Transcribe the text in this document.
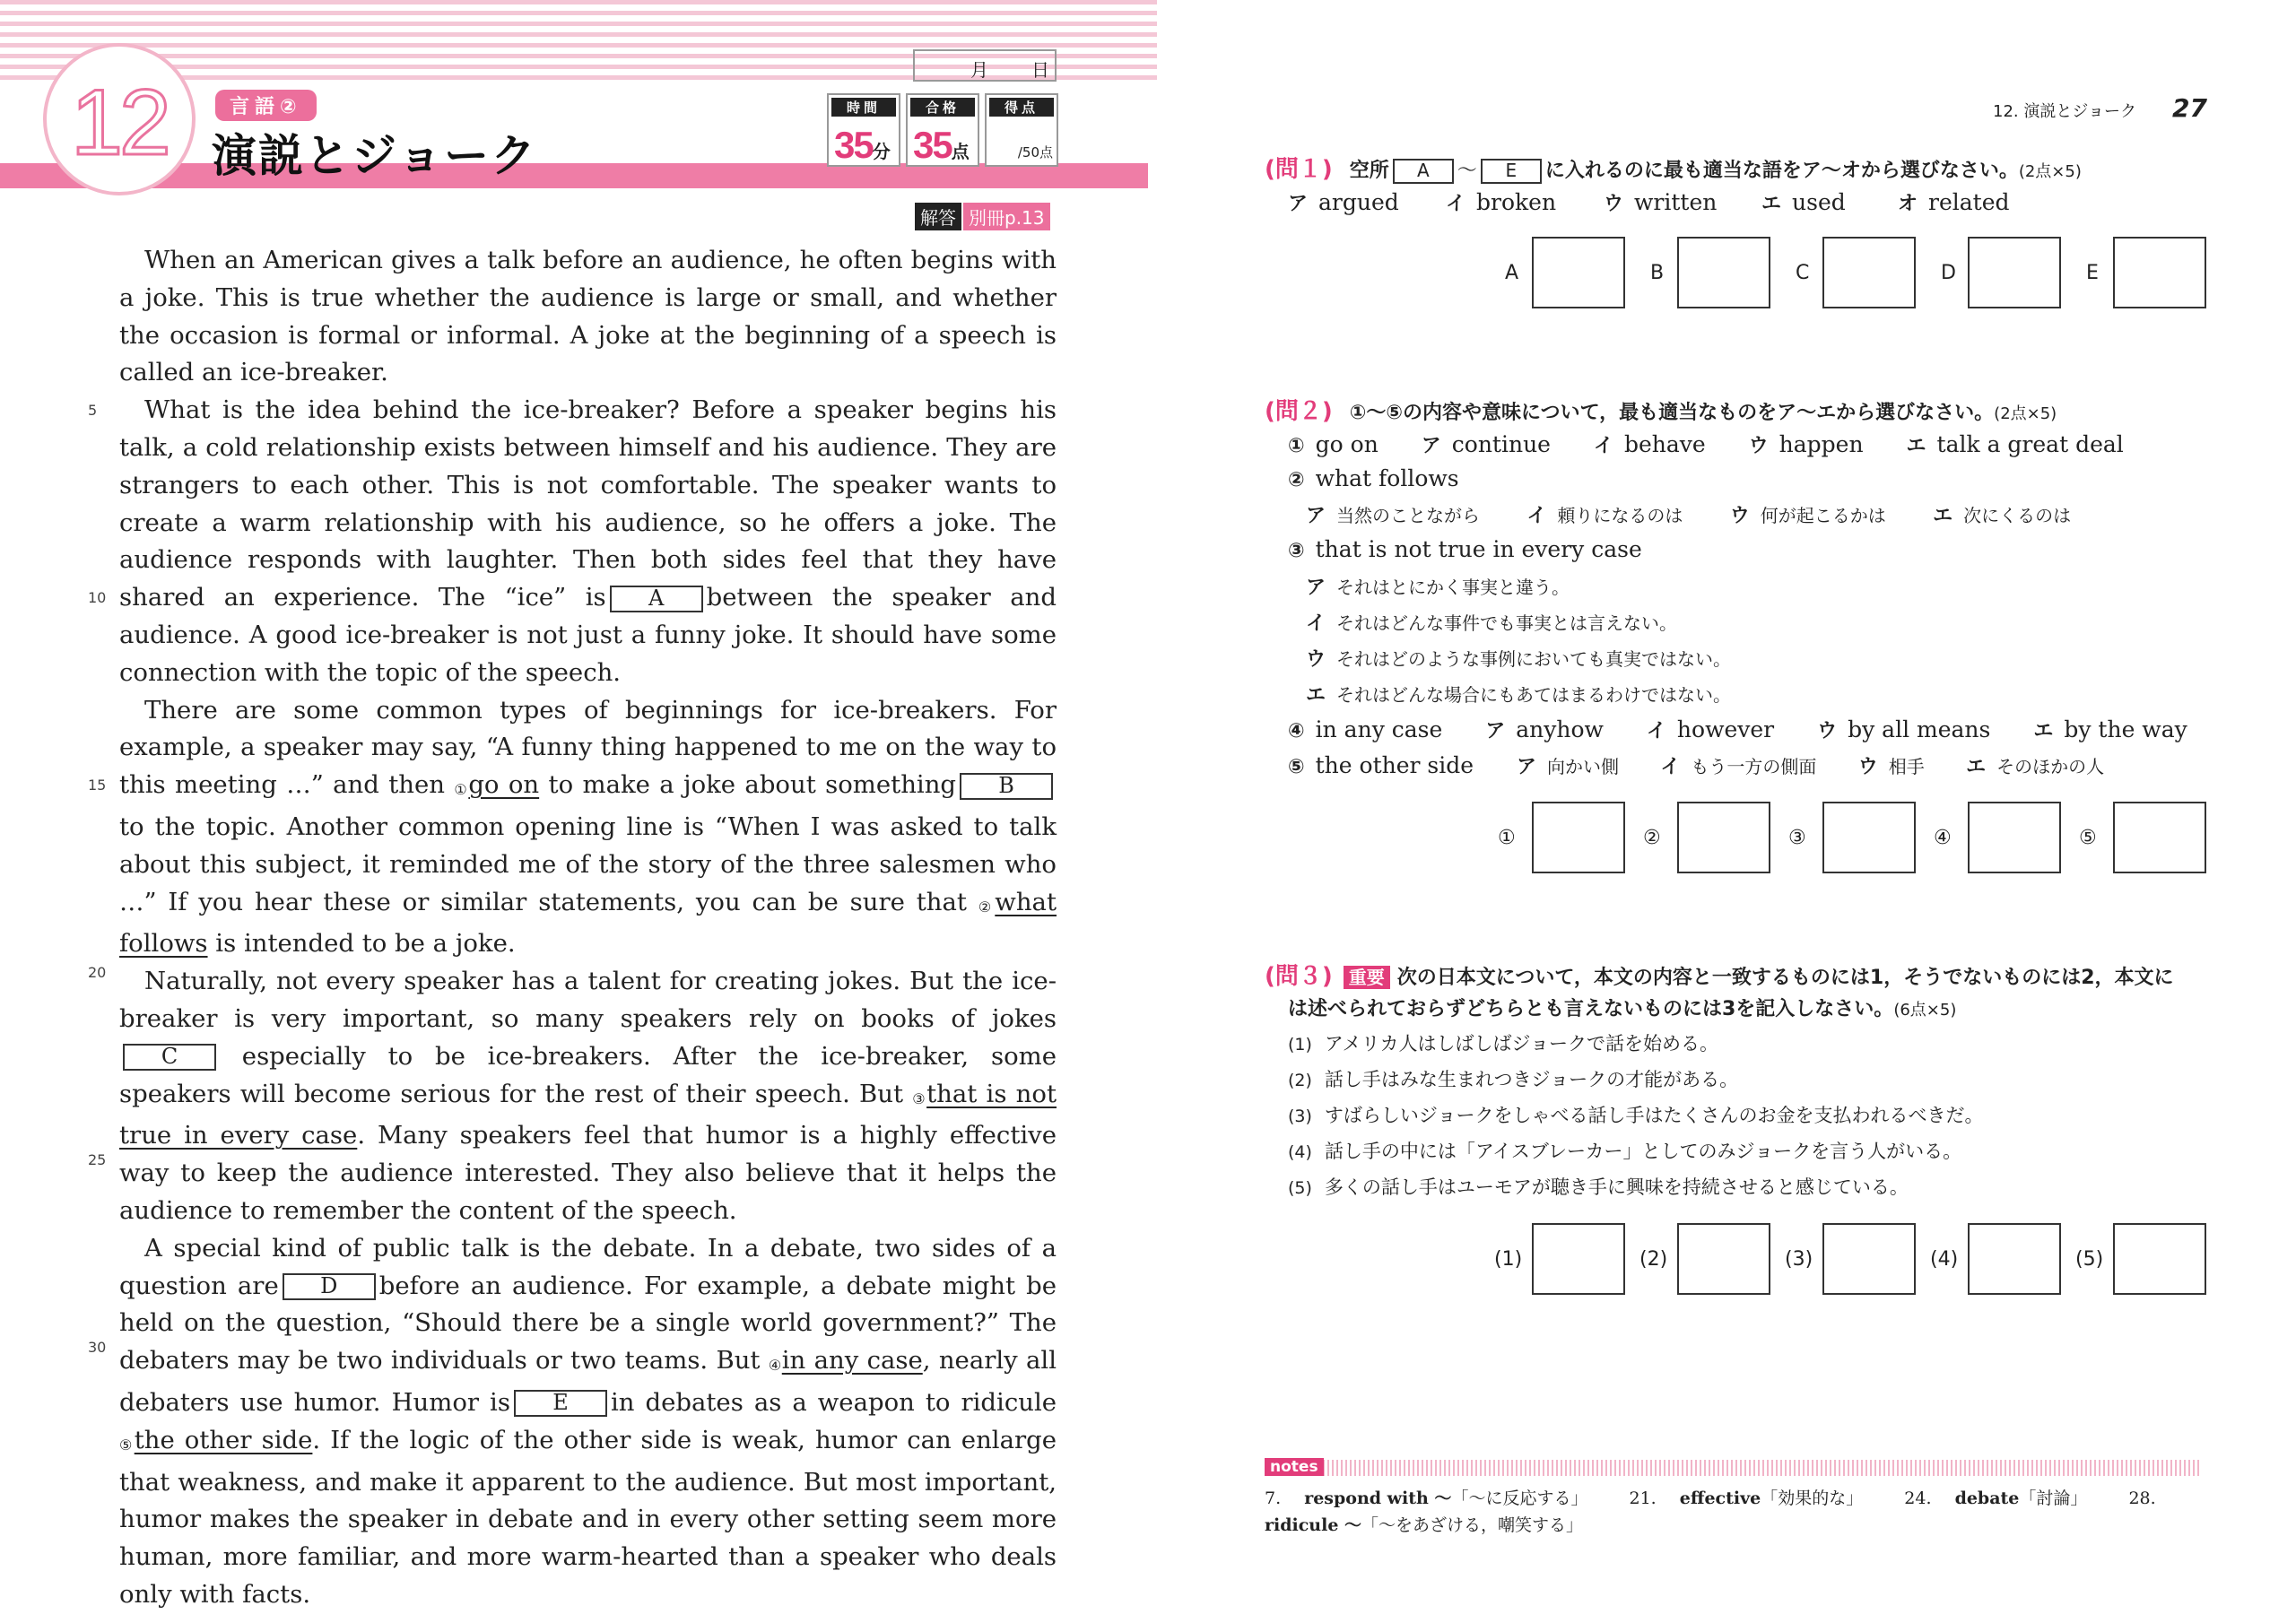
12	言語②
演説とジョーク
月 日
時間
35分
合格
35点
得点
/50点
解答 別冊p.13
5
10
15
20
25
30

When an American gives a talk before an audience, he often begins with a joke. This is true whether the audience is large or small, and whether the occasion is formal or informal. A joke at the beginning of a speech is called an ice-breaker.

What is the idea behind the ice-breaker? Before a speaker begins his talk, a cold relationship exists between himself and his audience. They are strangers to each other. This is not comfortable. The speaker wants to create a warm relationship with his audience, so he offers a joke. The audience responds with laughter. Then both sides feel that they have shared an experience. The “ice” is A between the speaker and audience. A good ice-breaker is not just a funny joke. It should have some connection with the topic of the speech.

There are some common types of beginnings for ice-breakers. For example, a speaker may say, “A funny thing happened to me on the way to this meeting …” and then ①go on to make a joke about something Bto the topic. Another common opening line is “When I was asked to talk about this subject, it reminded me of the story of the three salesmen who …” If you hear these or similar statements, you can be sure that ②what follows is intended to be a joke.

Naturally, not every speaker has a talent for creating jokes. But the ice-breaker is very important, so many speakers rely on books of jokesC	especially to be ice-breakers. After the ice-breaker, some speakers will become serious for the rest of their speech. But ③that is not true in every case. Many speakers feel that humor is a highly effective way to keep the audience interested. They also believe that it helps the audience to remember the content of the speech.

A special kind of public talk is the debate. In a debate, two sides of a question are D before an audience. For example, a debate might be held on the question, “Should there be a single world government?” The debaters may be two individuals or two teams. But ④in any case, nearly all debaters use humor. Humor is E in debates as a weapon to ridicule ⑤the other side. If the logic of the other side is weak, humor can enlarge that weakness, and make it apparent to the audience. But most important, humor makes the speaker in debate and in every other setting seem more human, more familiar, and more warm-hearted than a speaker who deals only with facts.

12. 演説とジョーク 27
(問１) 空所 A 〜 E に入れるのに最も適当な語をア〜オから選びなさい。(2点×5)
ア argued イ broken ウ written エ used	オ related
A	B	C	D	E
(問２) ①〜⑤の内容や意味について，最も適当なものをア〜エから選びなさい。(2点×5)
① go on ア continue イ behave ウ happen エ talk a great deal
② what follows
ア 当然のことながら イ 頼りになるのは ウ 何が起こるかは エ 次にくるのは
③ that is not true in every case
ア それはとにかく事実と違う。
イ それはどんな事件でも事実とは言えない。
ウ それはどのような事例においても真実ではない。
エ それはどんな場合にもあてはまるわけではない。
④ in any case ア anyhow イ however ウ by all means エ by the way
⑤ the other side ア 向かい側 イ もう一方の側面 ウ 相手 エ そのほかの人
①	②	③	④	⑤
(問３) 重要 次の日本文について，本文の内容と一致するものには1，そうでないものには2，本文に
は述べられておらずどちらとも言えないものには3を記入しなさい。(6点×5)
(1) アメリカ人はしばしばジョークで話を始める。
(2) 話し手はみな生まれつきジョークの才能がある。
(3) すばらしいジョークをしゃべる話し手はたくさんのお金を支払われるべきだ。
(4) 話し手の中には「アイスブレーカー」としてのみジョークを言う人がいる。
(5) 多くの話し手はユーモアが聴き手に興味を持続させると感じている。
(1)	(2)	(3)	(4)	(5)
notes
7. respond with 〜「〜に反応する」 21. effective「効果的な」 24. debate「討論」 28. ridicule 〜「〜をあざける，嘲笑する」
